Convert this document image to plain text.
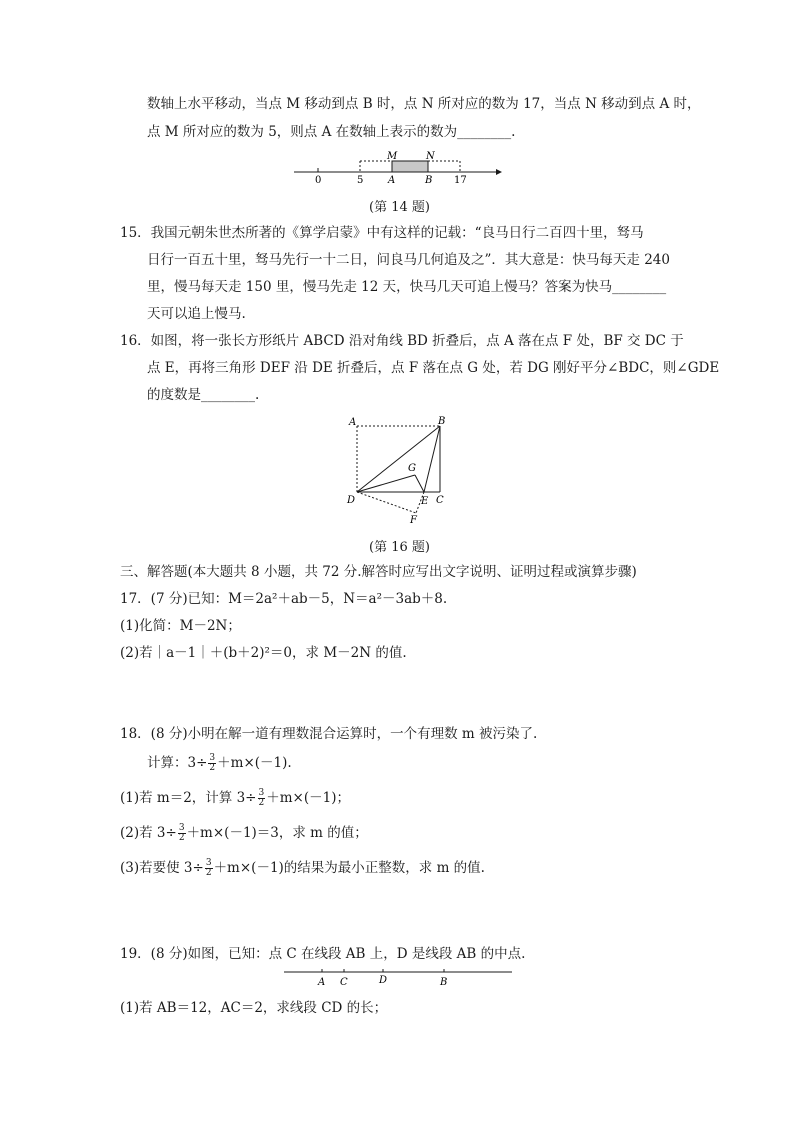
数轴上水平移动，当点 M 移动到点 B 时，点 N 所对应的数为 17，当点 N 移动到点 A 时，
点 M 所对应的数为 5，则点 A 在数轴上表示的数为________.
0	5 A	B 17
M	N
(第 14 题)
15．我国元朝朱世杰所著的《算学启蒙》中有这样的记载：“良马日行二百四十里，驽马
日行一百五十里，驽马先行一十二日，问良马几何追及之”．其大意是：快马每天走 240
里，慢马每天走 150 里，慢马先走 12 天，快马几天可追上慢马？答案为快马________
天可以追上慢马.
16．如图，将一张长方形纸片 ABCD 沿对角线 BD 折叠后，点 A 落在点 F 处，BF 交 DC 于
点 E，再将三角形 DEF 沿 DE 折叠后，点 F 落在点 G 处，若 DG 刚好平分∠BDC，则∠GDE
的度数是________.
A	B
C
D	E
F
G
(第 16 题)
三、解答题(本大题共 8 小题，共 72 分.解答时应写出文字说明、证明过程或演算步骤)
17．(7 分)已知：M＝2a²＋ab－5，N＝a²－3ab＋8.
(1)化简：M－2N；
(2)若｜a－1｜＋(b＋2)²＝0，求 M－2N 的值.
18．(8 分)小明在解一道有理数混合运算时，一个有理数 m 被污染了.
计算：$3\div \frac{3}{2} +m\times(-1)$.
(1)若 m＝2，计算 $3\div \frac{3}{2} +m\times(-1)$；
(2)若 $3\div \frac{3}{2} +m\times(-1)=3$，求 m 的值；
(3)若要使 $3\div \frac{3}{2} +m\times(-1)$的结果为最小正整数，求 m 的值.
19．(8 分)如图，已知：点 C 在线段 AB 上，D 是线段 AB 的中点.
A C	D	B
(1)若 AB＝12，AC＝2，求线段 CD 的长；
